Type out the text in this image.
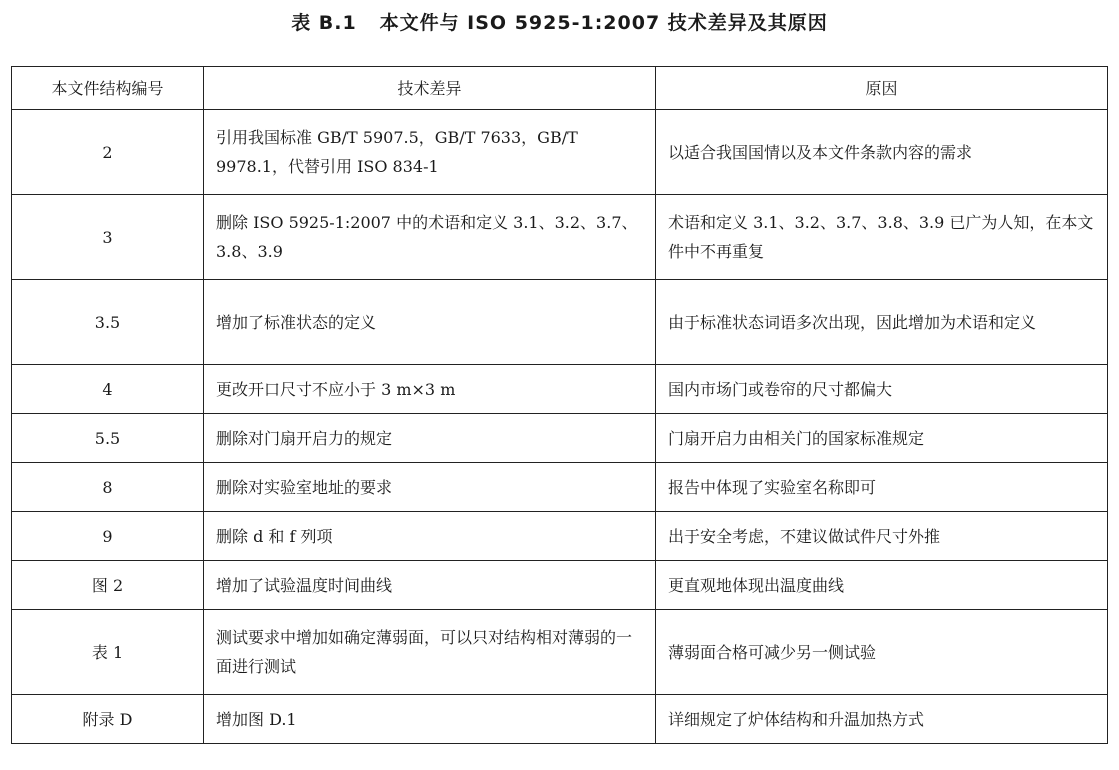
表 B.1   本文件与 ISO 5925-1:2007 技术差异及其原因
本文件结构编号	技术差异	原因
2	引用我国标准 GB/T 5907.5，GB/T 7633，GB/T 9978.1，代替引用 ISO 834-1	以适合我国国情以及本文件条款内容的需求
3	删除 ISO 5925-1:2007 中的术语和定义 3.1、3.2、3.7、3.8、3.9	术语和定义 3.1、3.2、3.7、3.8、3.9 已广为人知，在本文件中不再重复
3.5	增加了标准状态的定义	由于标准状态词语多次出现，因此增加为术语和定义
4	更改开口尺寸不应小于 3 m×3 m	国内市场门或卷帘的尺寸都偏大
5.5	删除对门扇开启力的规定	门扇开启力由相关门的国家标准规定
8	删除对实验室地址的要求	报告中体现了实验室名称即可
9	删除 d 和 f 列项	出于安全考虑，不建议做试件尺寸外推
图 2	增加了试验温度时间曲线	更直观地体现出温度曲线
表 1	测试要求中增加如确定薄弱面，可以只对结构相对薄弱的一面进行测试	薄弱面合格可减少另一侧试验
附录 D	增加图 D.1	详细规定了炉体结构和升温加热方式
